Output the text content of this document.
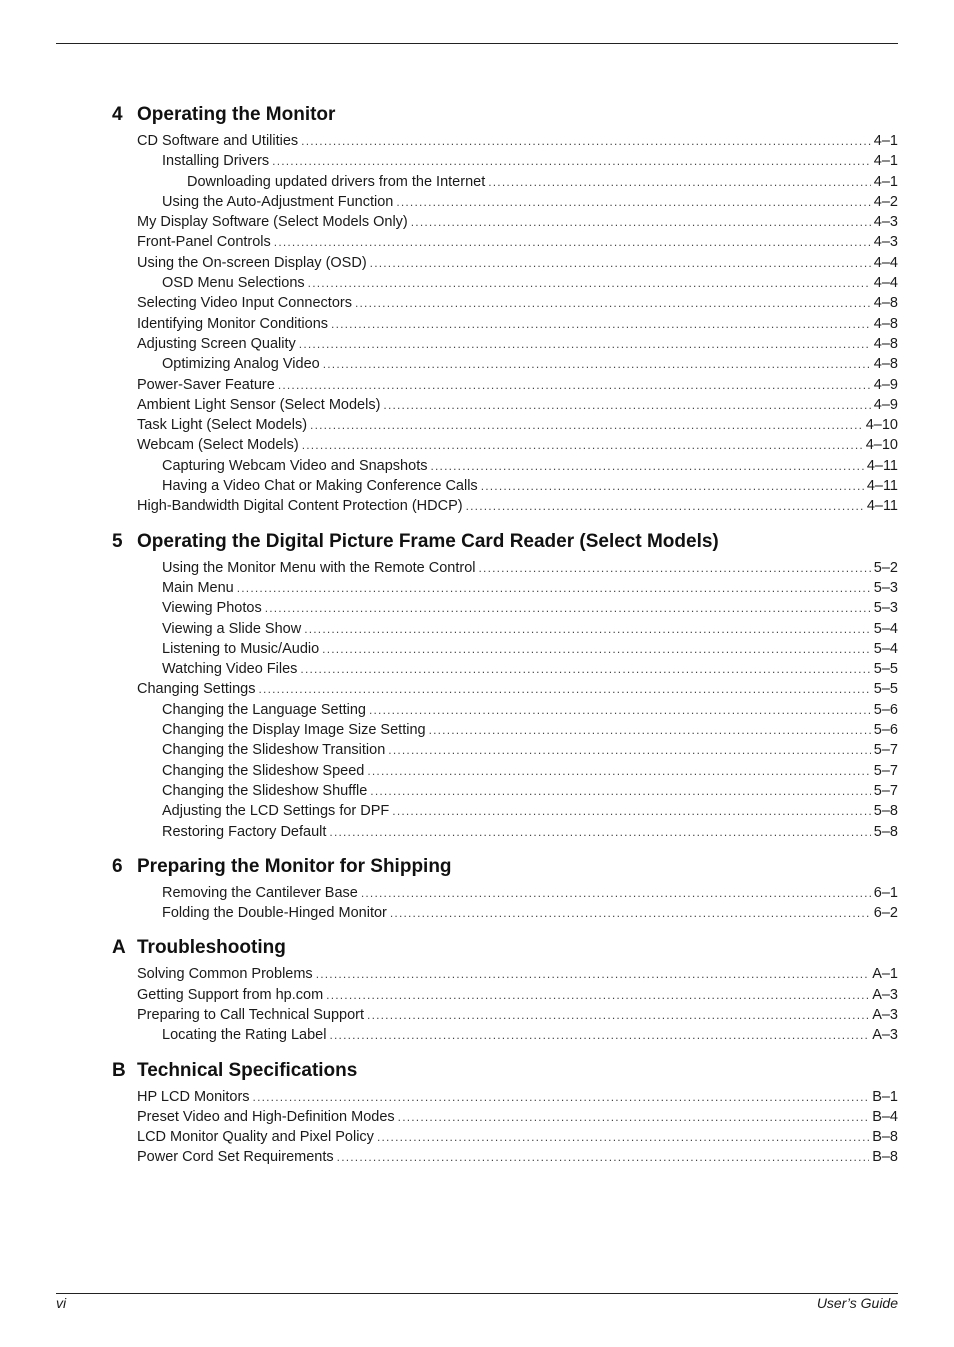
4 Operating the Monitor
CD Software and Utilities .....	4–1
Installing Drivers .....	4–1
Downloading updated drivers from the Internet .....	4–1
Using the Auto-Adjustment Function .....	4–2
My Display Software (Select Models Only) .....	4–3
Front-Panel Controls .....	4–3
Using the On-screen Display (OSD) .....	4–4
OSD Menu Selections .....	4–4
Selecting Video Input Connectors .....	4–8
Identifying Monitor Conditions .....	4–8
Adjusting Screen Quality .....	4–8
Optimizing Analog Video .....	4–8
Power-Saver Feature .....	4–9
Ambient Light Sensor (Select Models) .....	4–9
Task Light (Select Models) .....	4–10
Webcam (Select Models) .....	4–10
Capturing Webcam Video and Snapshots .....	4–11
Having a Video Chat or Making Conference Calls .....	4–11
High-Bandwidth Digital Content Protection (HDCP) .....	4–11
5 Operating the Digital Picture Frame Card Reader (Select Models)
Using the Monitor Menu with the Remote Control .....	5–2
Main Menu .....	5–3
Viewing Photos .....	5–3
Viewing a Slide Show .....	5–4
Listening to Music/Audio .....	5–4
Watching Video Files .....	5–5
Changing Settings .....	5–5
Changing the Language Setting .....	5–6
Changing the Display Image Size Setting .....	5–6
Changing the Slideshow Transition .....	5–7
Changing the Slideshow Speed .....	5–7
Changing the Slideshow Shuffle .....	5–7
Adjusting the LCD Settings for DPF .....	5–8
Restoring Factory Default .....	5–8
6 Preparing the Monitor for Shipping
Removing the Cantilever Base .....	6–1
Folding the Double-Hinged Monitor .....	6–2
A Troubleshooting
Solving Common Problems .....	A–1
Getting Support from hp.com .....	A–3
Preparing to Call Technical Support .....	A–3
Locating the Rating Label .....	A–3
B Technical Specifications
HP LCD Monitors .....	B–1
Preset Video and High-Definition Modes .....	B–4
LCD Monitor Quality and Pixel Policy .....	B–8
Power Cord Set Requirements .....	B–8
vi	User’s Guide
